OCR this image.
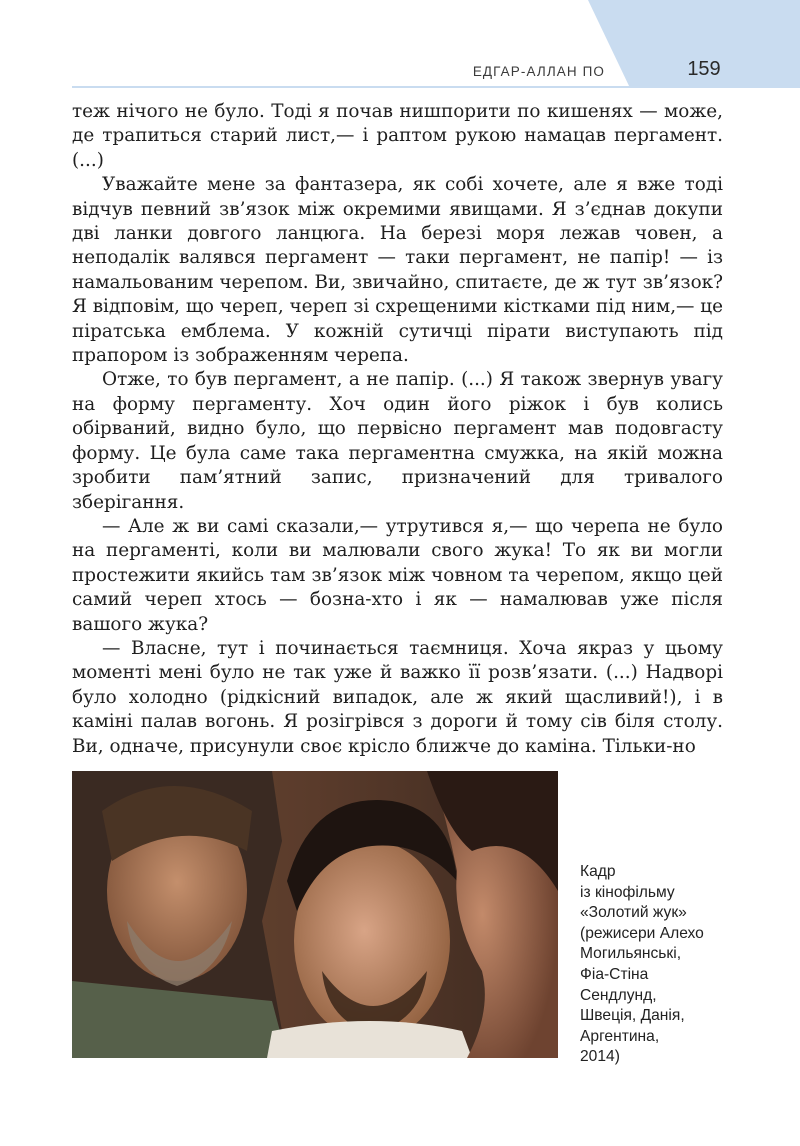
ЕДГАР-АЛЛАН ПО	159

теж нічого не було. Тоді я почав нишпорити по кишенях — може, де трапиться старий лист,— і раптом рукою намацав пергамент. (...)

Уважайте мене за фантазера, як собі хочете, але я вже тоді відчув певний зв’язок між окремими явищами. Я з’єднав докупи дві ланки довгого ланцюга. На березі моря лежав човен, а неподалік валявся пергамент — таки пергамент, не папір! — із намальованим черепом. Ви, звичайно, спитаєте, де ж тут зв’язок? Я відповім, що череп, череп зі схрещеними кістками під ним,— це піратська емблема. У кожній сутичці пірати виступають під прапором із зображенням черепа.

Отже, то був пергамент, а не папір. (...) Я також звернув увагу на форму пергаменту. Хоч один його ріжок і був колись обірваний, видно було, що первісно пергамент мав подовгасту форму. Це була саме така пергаментна смужка, на якій можна зробити пам’ятний запис, призначений для тривалого зберігання.

— Але ж ви самі сказали,— утрутився я,— що черепа не було на пергаменті, коли ви малювали свого жука! То як ви могли простежити якийсь там зв’язок між човном та черепом, якщо цей самий череп хтось — бозна-хто і як — намалював уже після вашого жука?

— Власне, тут і починається таємниця. Хоча якраз у цьому моменті мені було не так уже й важко її розв’язати. (...) Надворі було холодно (рідкісний випадок, але ж який щасливий!), і в каміні палав вогонь. Я розігрівся з дороги й тому сів біля столу. Ви, одначе, присунули своє крісло ближче до каміна. Тільки-но

Кадр
із кінофільму
«Золотий жук»
(режисери Алехо
Могильянські,
Фіа-Стіна
Сендлунд,
Швеція, Данія,
Аргентина,
2014)
